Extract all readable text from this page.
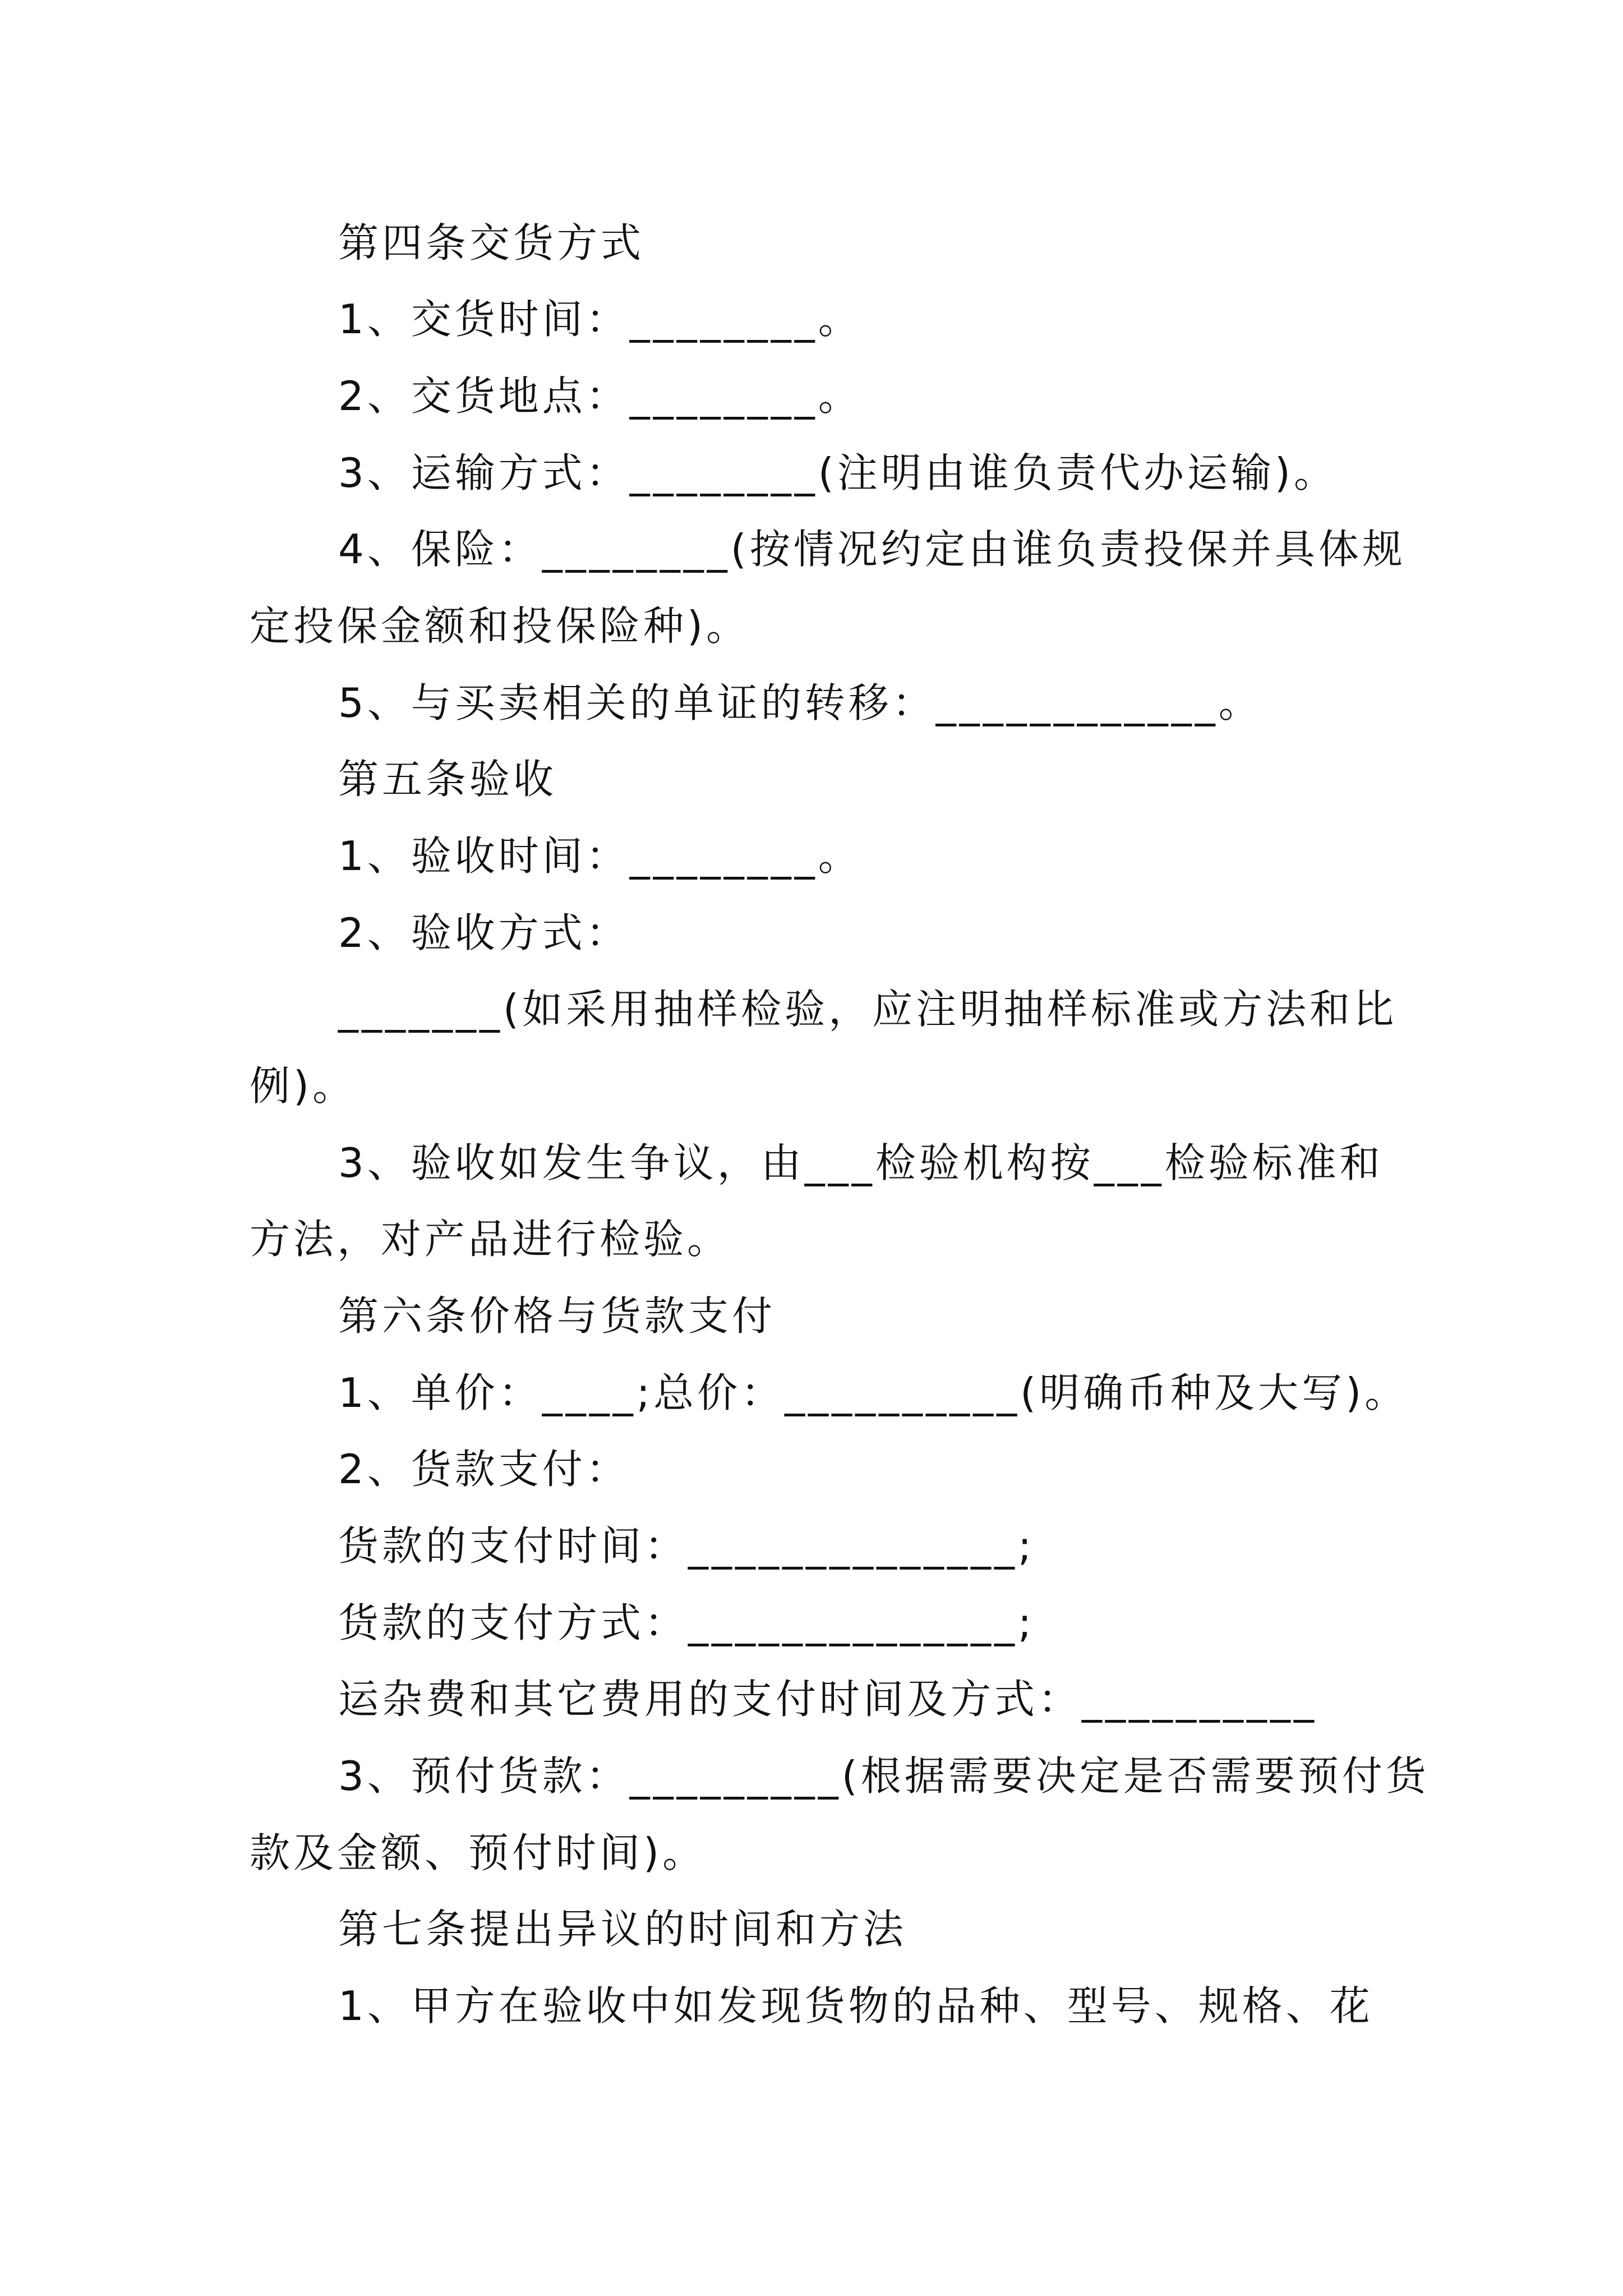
第四条交货方式
1、交货时间：________。
2、交货地点：________。
3、运输方式：________(注明由谁负责代办运输)。
4、保险：________(按情况约定由谁负责投保并具体规
定投保金额和投保险种)。
5、与买卖相关的单证的转移：____________。
第五条验收
1、验收时间：________。
2、验收方式：
_______(如采用抽样检验，应注明抽样标准或方法和比
例)。
3、验收如发生争议，由___检验机构按___检验标准和
方法，对产品进行检验。
第六条价格与货款支付
1、单价：____;总价：__________(明确币种及大写)。
2、货款支付：
货款的支付时间：______________;
货款的支付方式：______________;
运杂费和其它费用的支付时间及方式：__________
3、预付货款：_________(根据需要决定是否需要预付货
款及金额、预付时间)。
第七条提出异议的时间和方法
1、甲方在验收中如发现货物的品种、型号、规格、花
